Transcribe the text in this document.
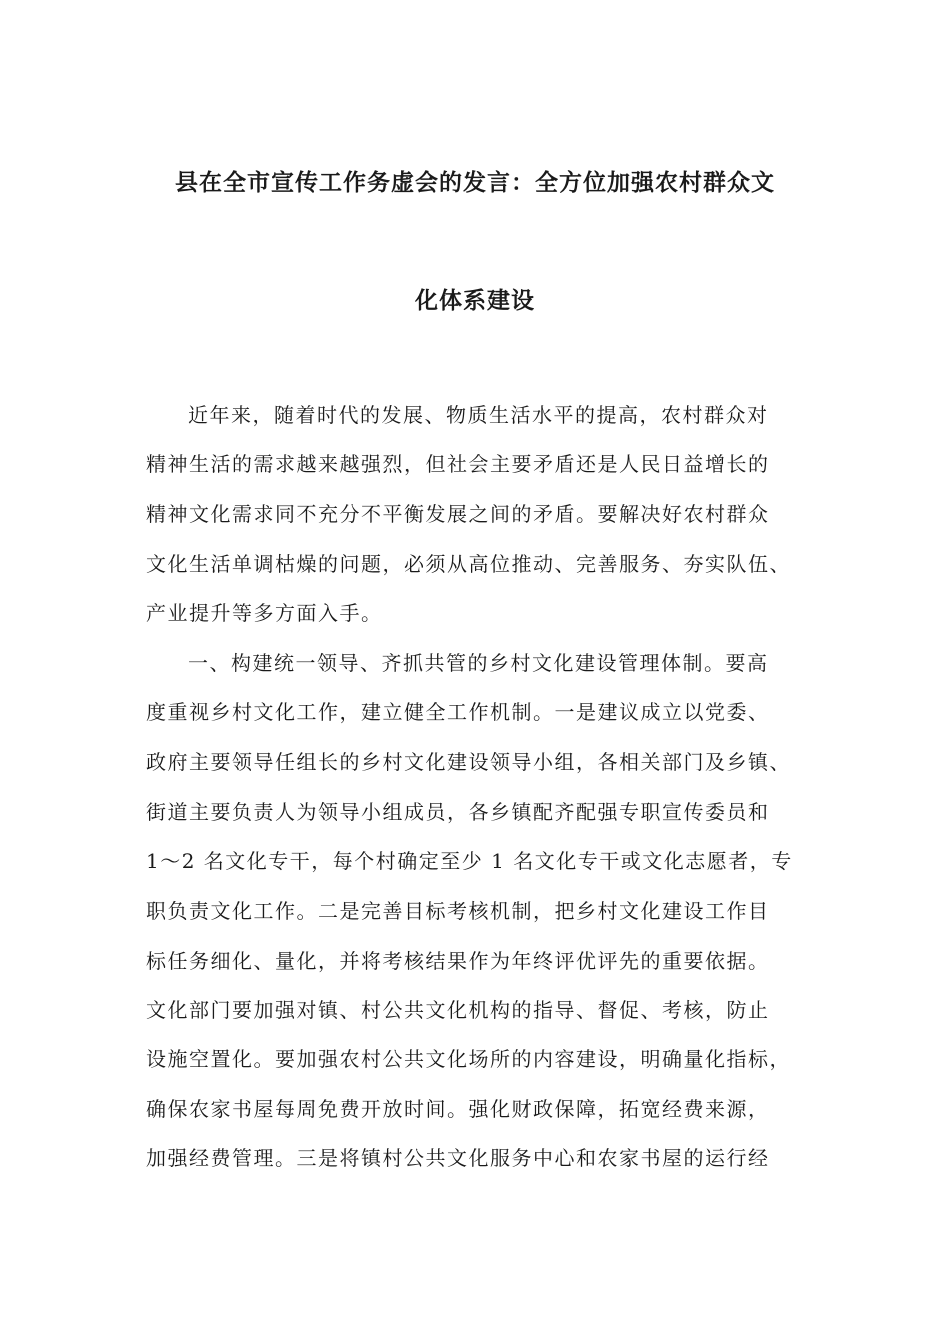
县在全市宣传工作务虚会的发言：全方位加强农村群众文
化体系建设
近年来，随着时代的发展、物质生活水平的提高，农村群众对
精神生活的需求越来越强烈，但社会主要矛盾还是人民日益增长的
精神文化需求同不充分不平衡发展之间的矛盾。要解决好农村群众
文化生活单调枯燥的问题，必须从高位推动、完善服务、夯实队伍、
产业提升等多方面入手。
一、构建统一领导、齐抓共管的乡村文化建设管理体制。要高
度重视乡村文化工作，建立健全工作机制。一是建议成立以党委、
政府主要领导任组长的乡村文化建设领导小组，各相关部门及乡镇、
街道主要负责人为领导小组成员，各乡镇配齐配强专职宣传委员和
1～2 名文化专干，每个村确定至少 1 名文化专干或文化志愿者，专
职负责文化工作。二是完善目标考核机制，把乡村文化建设工作目
标任务细化、量化，并将考核结果作为年终评优评先的重要依据。
文化部门要加强对镇、村公共文化机构的指导、督促、考核，防止
设施空置化。要加强农村公共文化场所的内容建设，明确量化指标，
确保农家书屋每周免费开放时间。强化财政保障，拓宽经费来源，
加强经费管理。三是将镇村公共文化服务中心和农家书屋的运行经
